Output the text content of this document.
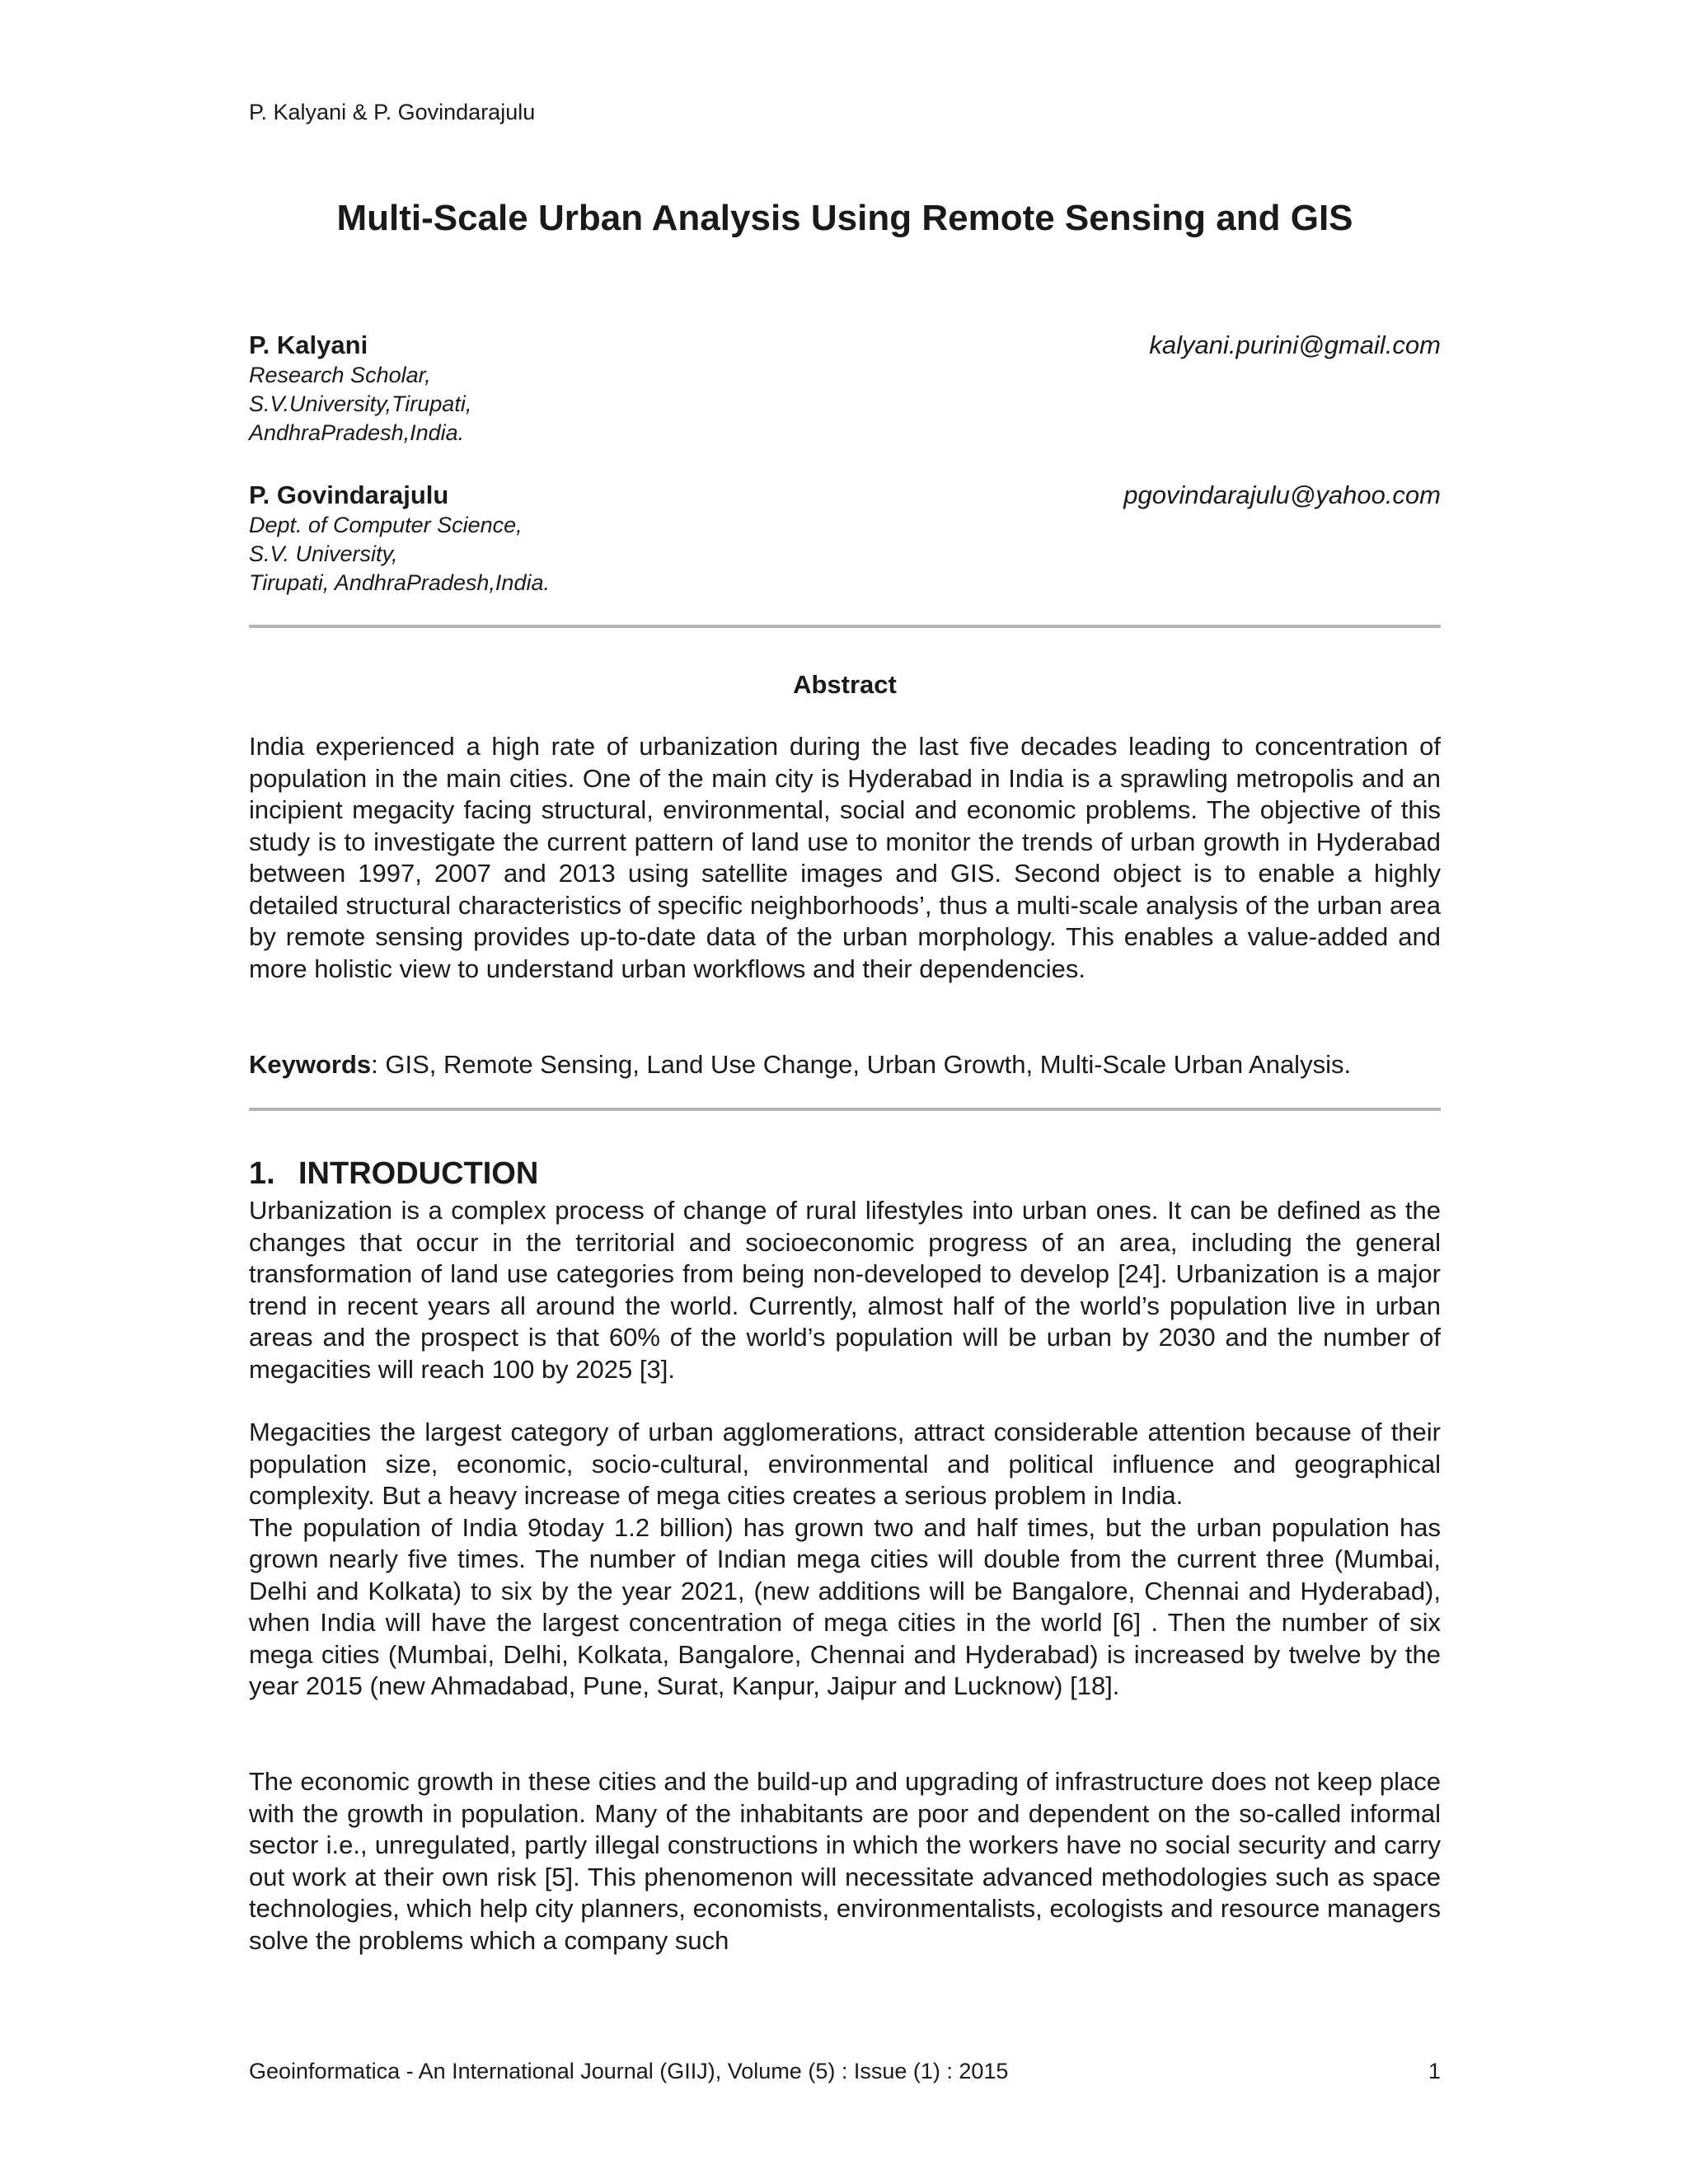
P. Kalyani & P. Govindarajulu
Multi-Scale Urban Analysis Using Remote Sensing and GIS
P. Kalyani	kalyani.purini@gmail.com
Research Scholar,
S.V.University,Tirupati,
AndhraPradesh,India.
P. Govindarajulu	pgovindarajulu@yahoo.com
Dept. of Computer Science,
S.V. University,
Tirupati, AndhraPradesh,India.
Abstract

India experienced a high rate of urbanization during the last five decades leading to concentration of population in the main cities. One of the main city is Hyderabad in India is a sprawling metropolis and an incipient megacity facing structural, environmental, social and economic problems. The objective of this study is to investigate the current pattern of land use to monitor the trends of urban growth in Hyderabad between 1997, 2007 and 2013 using satellite images and GIS. Second object is to enable a highly detailed structural characteristics of specific neighborhoods’, thus a multi-scale analysis of the urban area by remote sensing provides up-to-date data of the urban morphology. This enables a value-added and more holistic view to understand urban workflows and their dependencies.

Keywords: GIS, Remote Sensing, Land Use Change, Urban Growth, Multi-Scale Urban Analysis.

1. INTRODUCTION

Urbanization is a complex process of change of rural lifestyles into urban ones. It can be defined as the changes that occur in the territorial and socioeconomic progress of an area, including the general transformation of land use categories from being non-developed to develop [24]. Urbanization is a major trend in recent years all around the world. Currently, almost half of the world’s population live in urban areas and the prospect is that 60% of the world’s population will be urban by 2030 and the number of megacities will reach 100 by 2025 [3].

Megacities the largest category of urban agglomerations, attract considerable attention because of their population size, economic, socio-cultural, environmental and political influence and geographical complexity. But a heavy increase of mega cities creates a serious problem in India.
The population of India 9today 1.2 billion) has grown two and half times, but the urban population has grown nearly five times. The number of Indian mega cities will double from the current three (Mumbai, Delhi and Kolkata) to six by the year 2021, (new additions will be Bangalore, Chennai and Hyderabad), when India will have the largest concentration of mega cities in the world [6] . Then the number of six mega cities (Mumbai, Delhi, Kolkata, Bangalore, Chennai and Hyderabad) is increased by twelve by the year 2015 (new Ahmadabad, Pune, Surat, Kanpur, Jaipur and Lucknow) [18].

The economic growth in these cities and the build-up and upgrading of infrastructure does not keep place with the growth in population. Many of the inhabitants are poor and dependent on the so-called informal sector i.e., unregulated, partly illegal constructions in which the workers have no social security and carry out work at their own risk [5]. This phenomenon will necessitate advanced methodologies such as space technologies, which help city planners, economists, environmentalists, ecologists and resource managers solve the problems which a company such

Geoinformatica - An International Journal (GIIJ), Volume (5) : Issue (1) : 2015	1
